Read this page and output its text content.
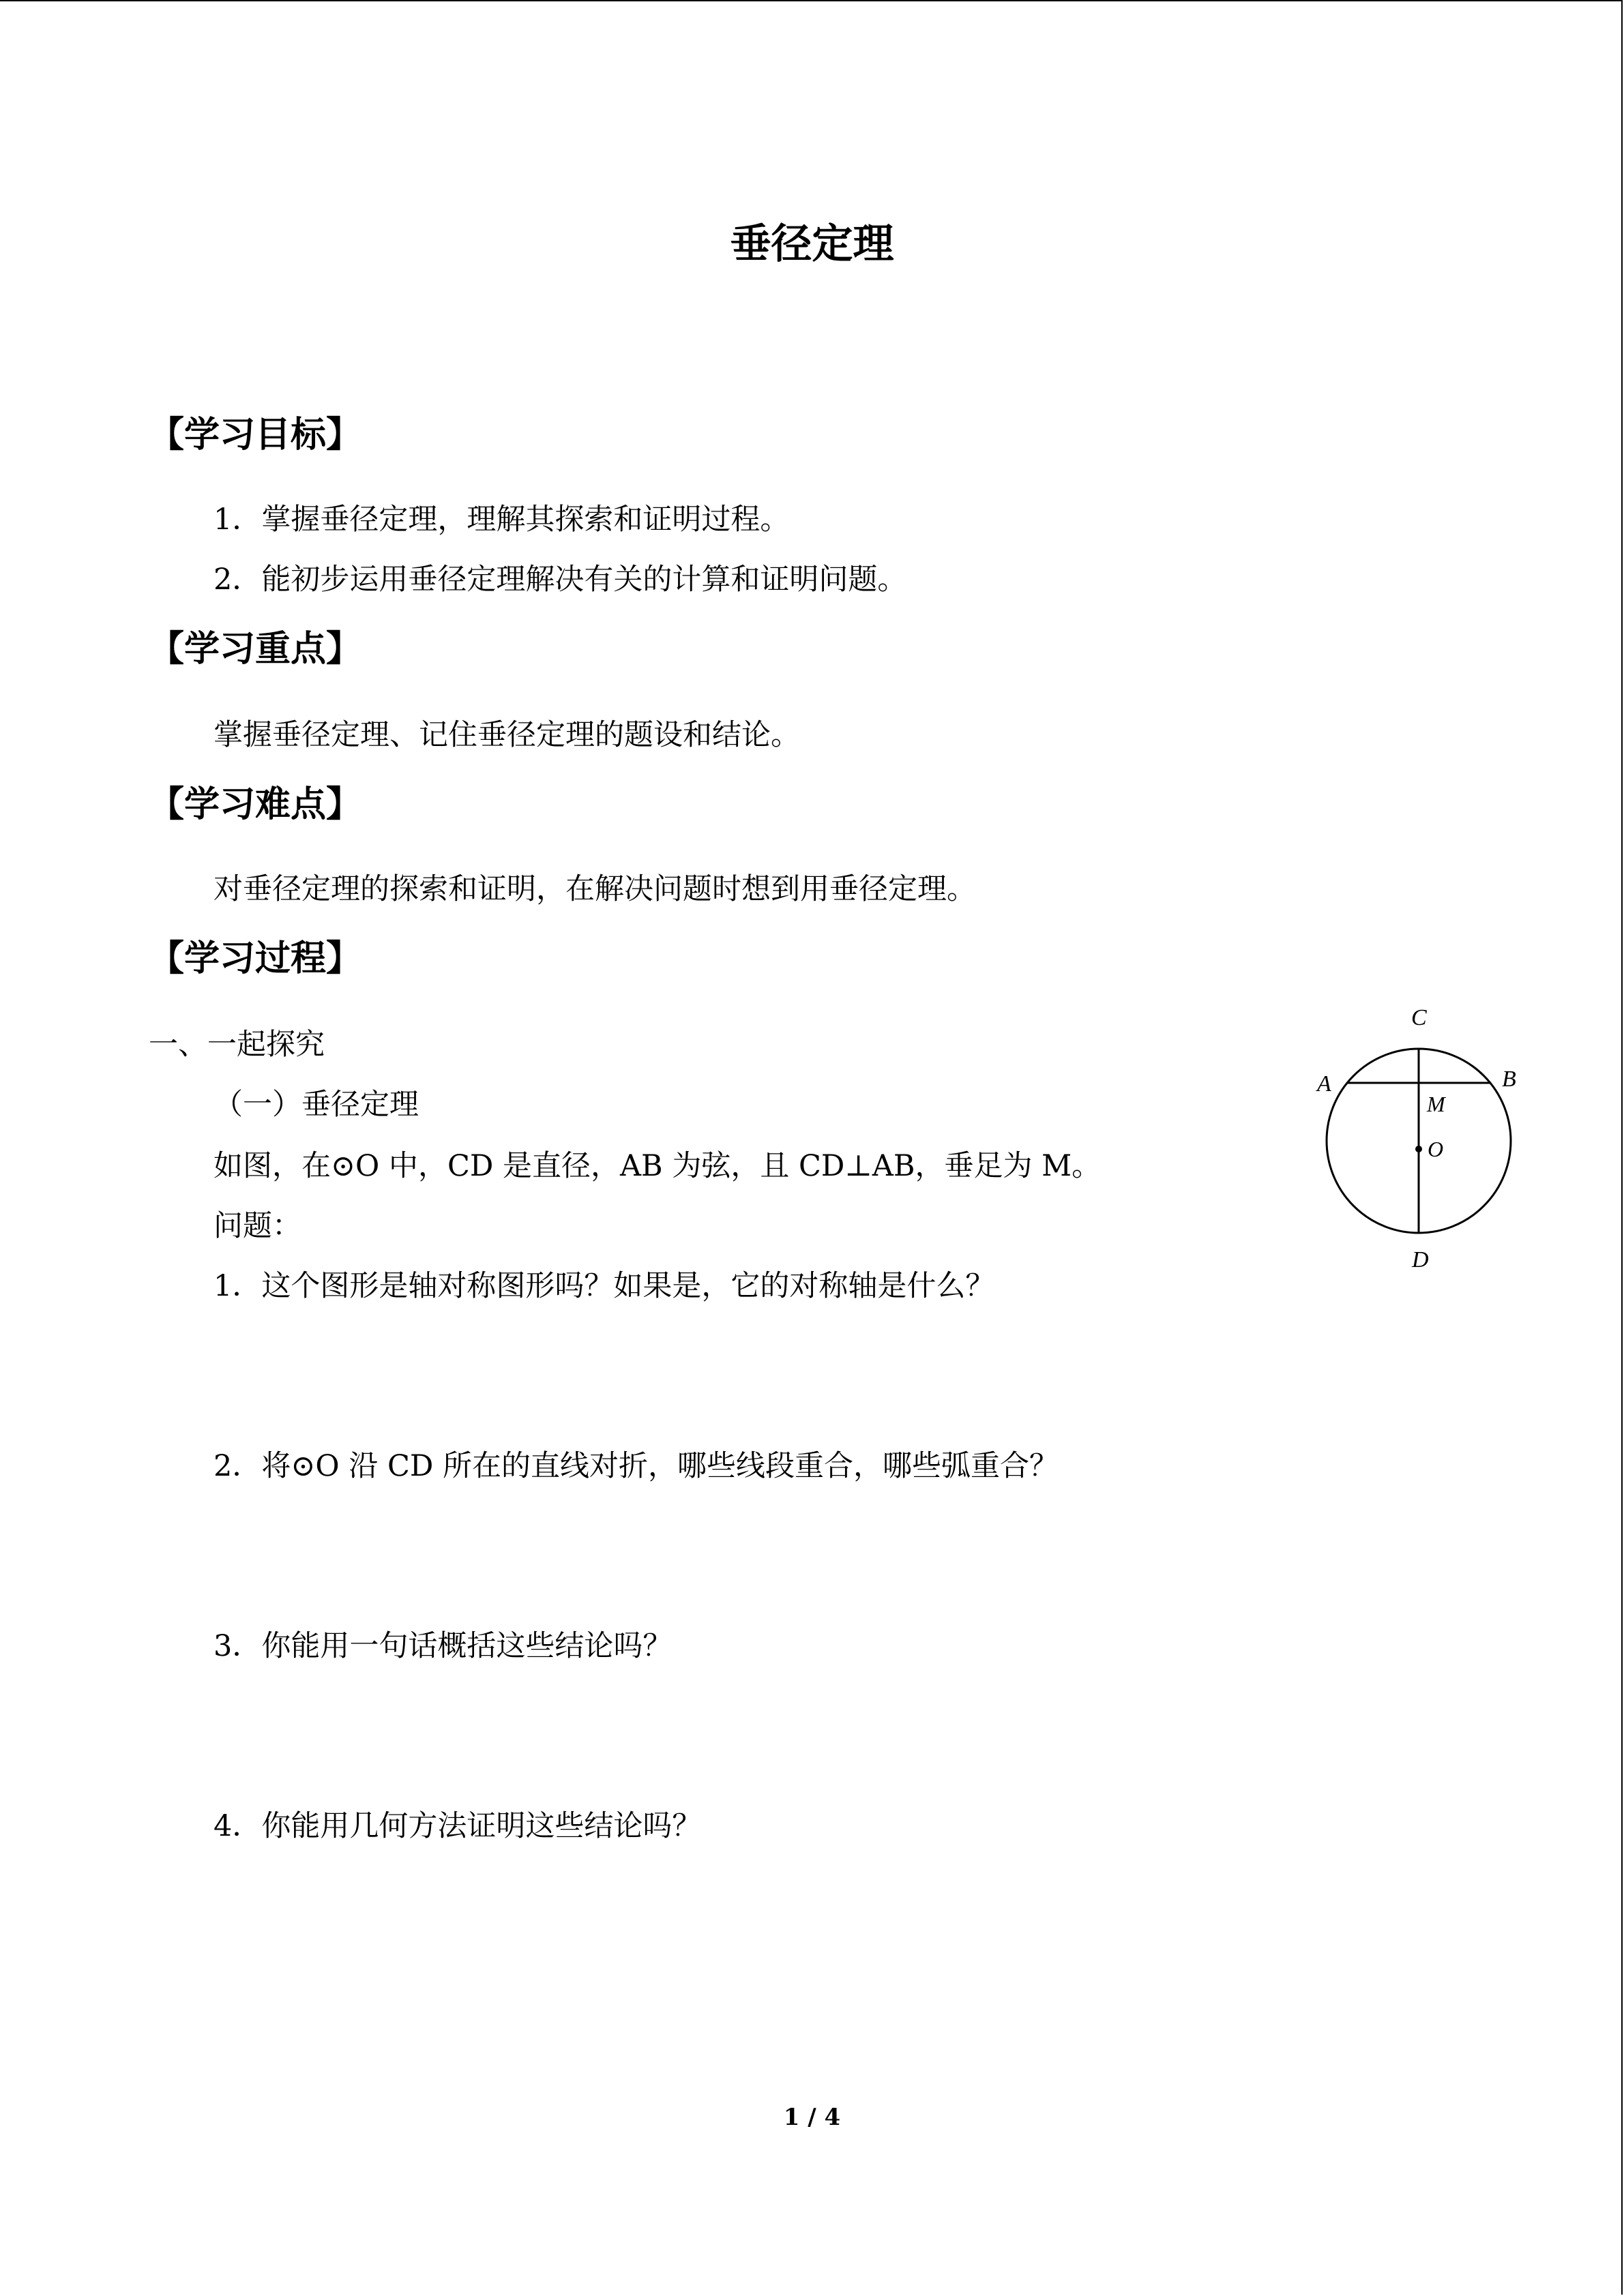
垂径定理
【学习目标】
1．掌握垂径定理，理解其探索和证明过程。
2．能初步运用垂径定理解决有关的计算和证明问题。
【学习重点】
掌握垂径定理、记住垂径定理的题设和结论。
【学习难点】
对垂径定理的探索和证明，在解决问题时想到用垂径定理。
【学习过程】
一、一起探究
（一）垂径定理
如图，在⊙O 中，CD 是直径，AB 为弦，且 CD⊥AB，垂足为 M。
问题：
1．这个图形是轴对称图形吗？如果是，它的对称轴是什么？
2．将⊙O 沿 CD 所在的直线对折，哪些线段重合，哪些弧重合？
3．你能用一句话概括这些结论吗？
4．你能用几何方法证明这些结论吗？
C
A	B
M
O
D
1 / 4
